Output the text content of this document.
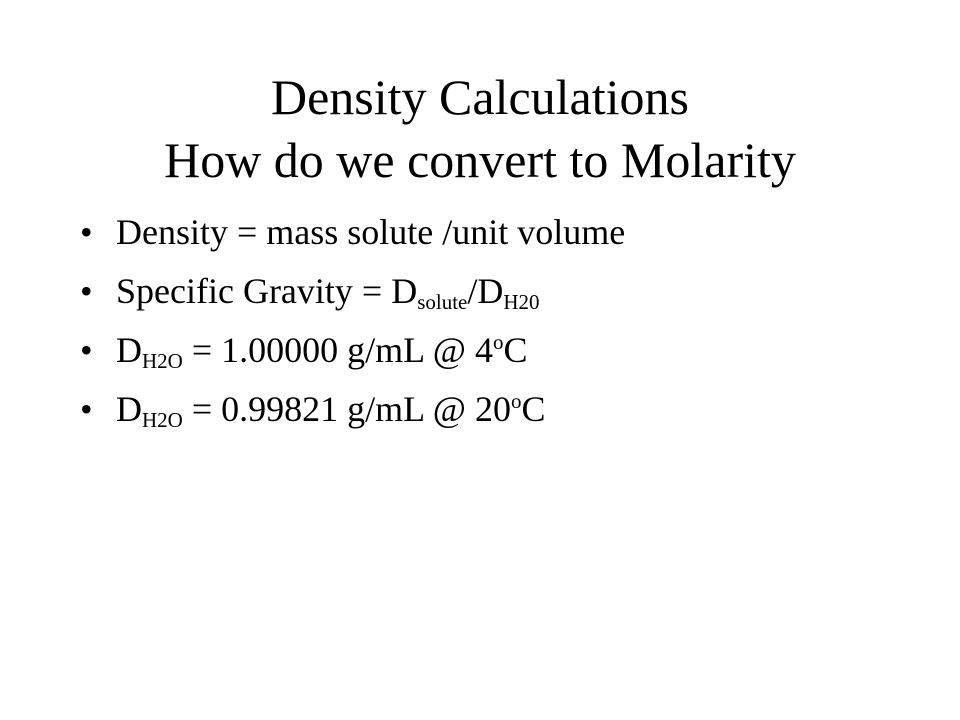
Density Calculations
How do we convert to Molarity
• Density = mass solute /unit volume
• Specific Gravity = $D_{solute}/D_{H20}$
• $D_{H2O} = 1.00000$ g/mL @ 4$^o$C
• $D_{H2O} = 0.99821$ g/mL @ 20$^o$C
